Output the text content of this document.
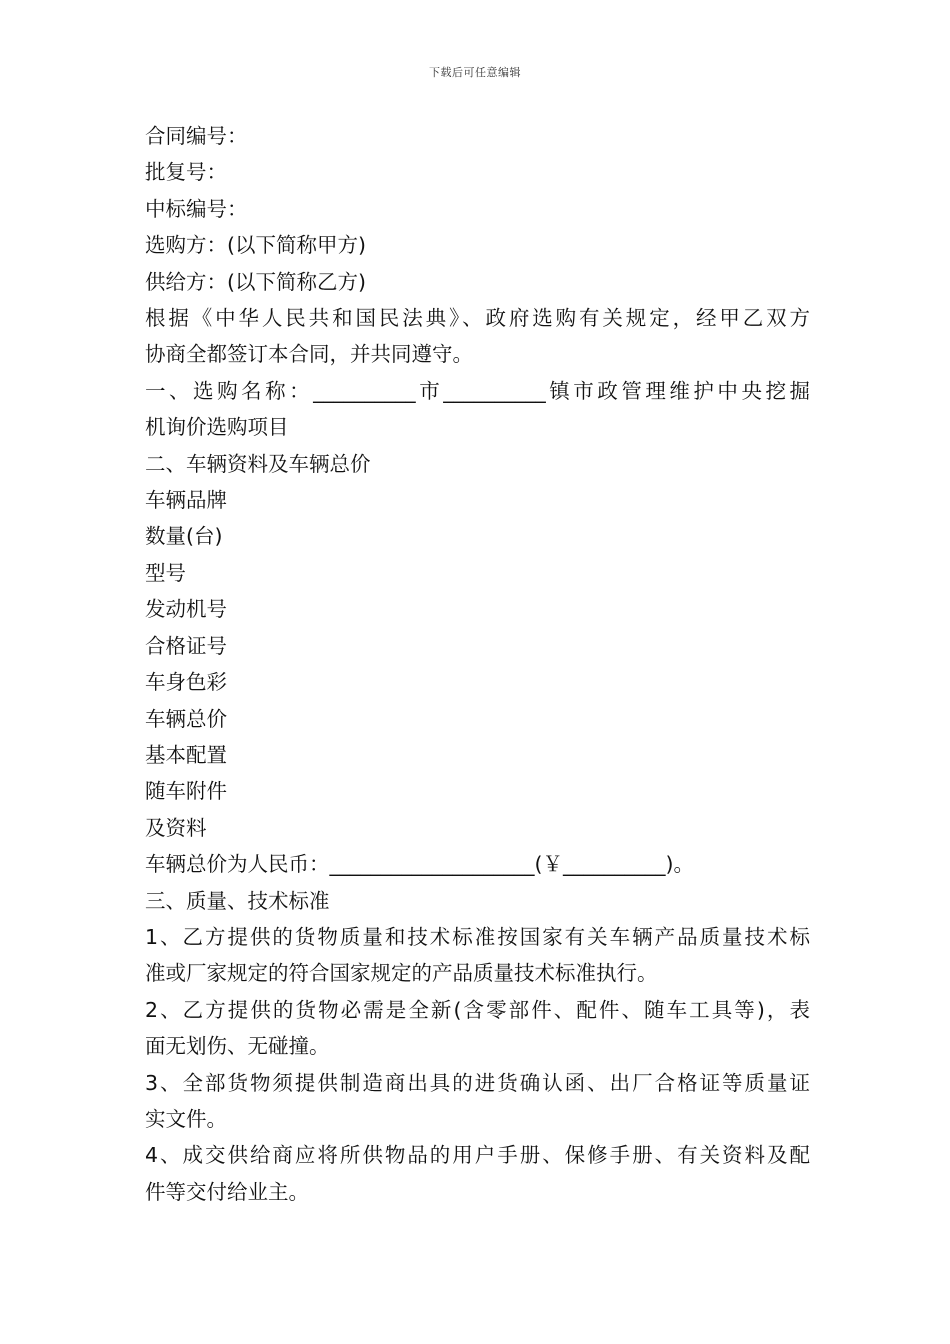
下载后可任意编辑
合同编号：
批复号：
中标编号：
选购方：(以下简称甲方)
供给方：(以下简称乙方)
根据《中华人民共和国民法典》、政府选购有关规定，经甲乙双方
协商全都签订本合同，并共同遵守。
一、选购名称：__________市__________镇市政管理维护中央挖掘
机询价选购项目
二、车辆资料及车辆总价
车辆品牌
数量(台)
型号
发动机号
合格证号
车身色彩
车辆总价
基本配置
随车附件
及资料
车辆总价为人民币：____________________(￥__________)。
三、质量、技术标准
1、乙方提供的货物质量和技术标准按国家有关车辆产品质量技术标
准或厂家规定的符合国家规定的产品质量技术标准执行。
2、乙方提供的货物必需是全新(含零部件、配件、随车工具等)，表
面无划伤、无碰撞。
3、全部货物须提供制造商出具的进货确认函、出厂合格证等质量证
实文件。
4、成交供给商应将所供物品的用户手册、保修手册、有关资料及配
件等交付给业主。
